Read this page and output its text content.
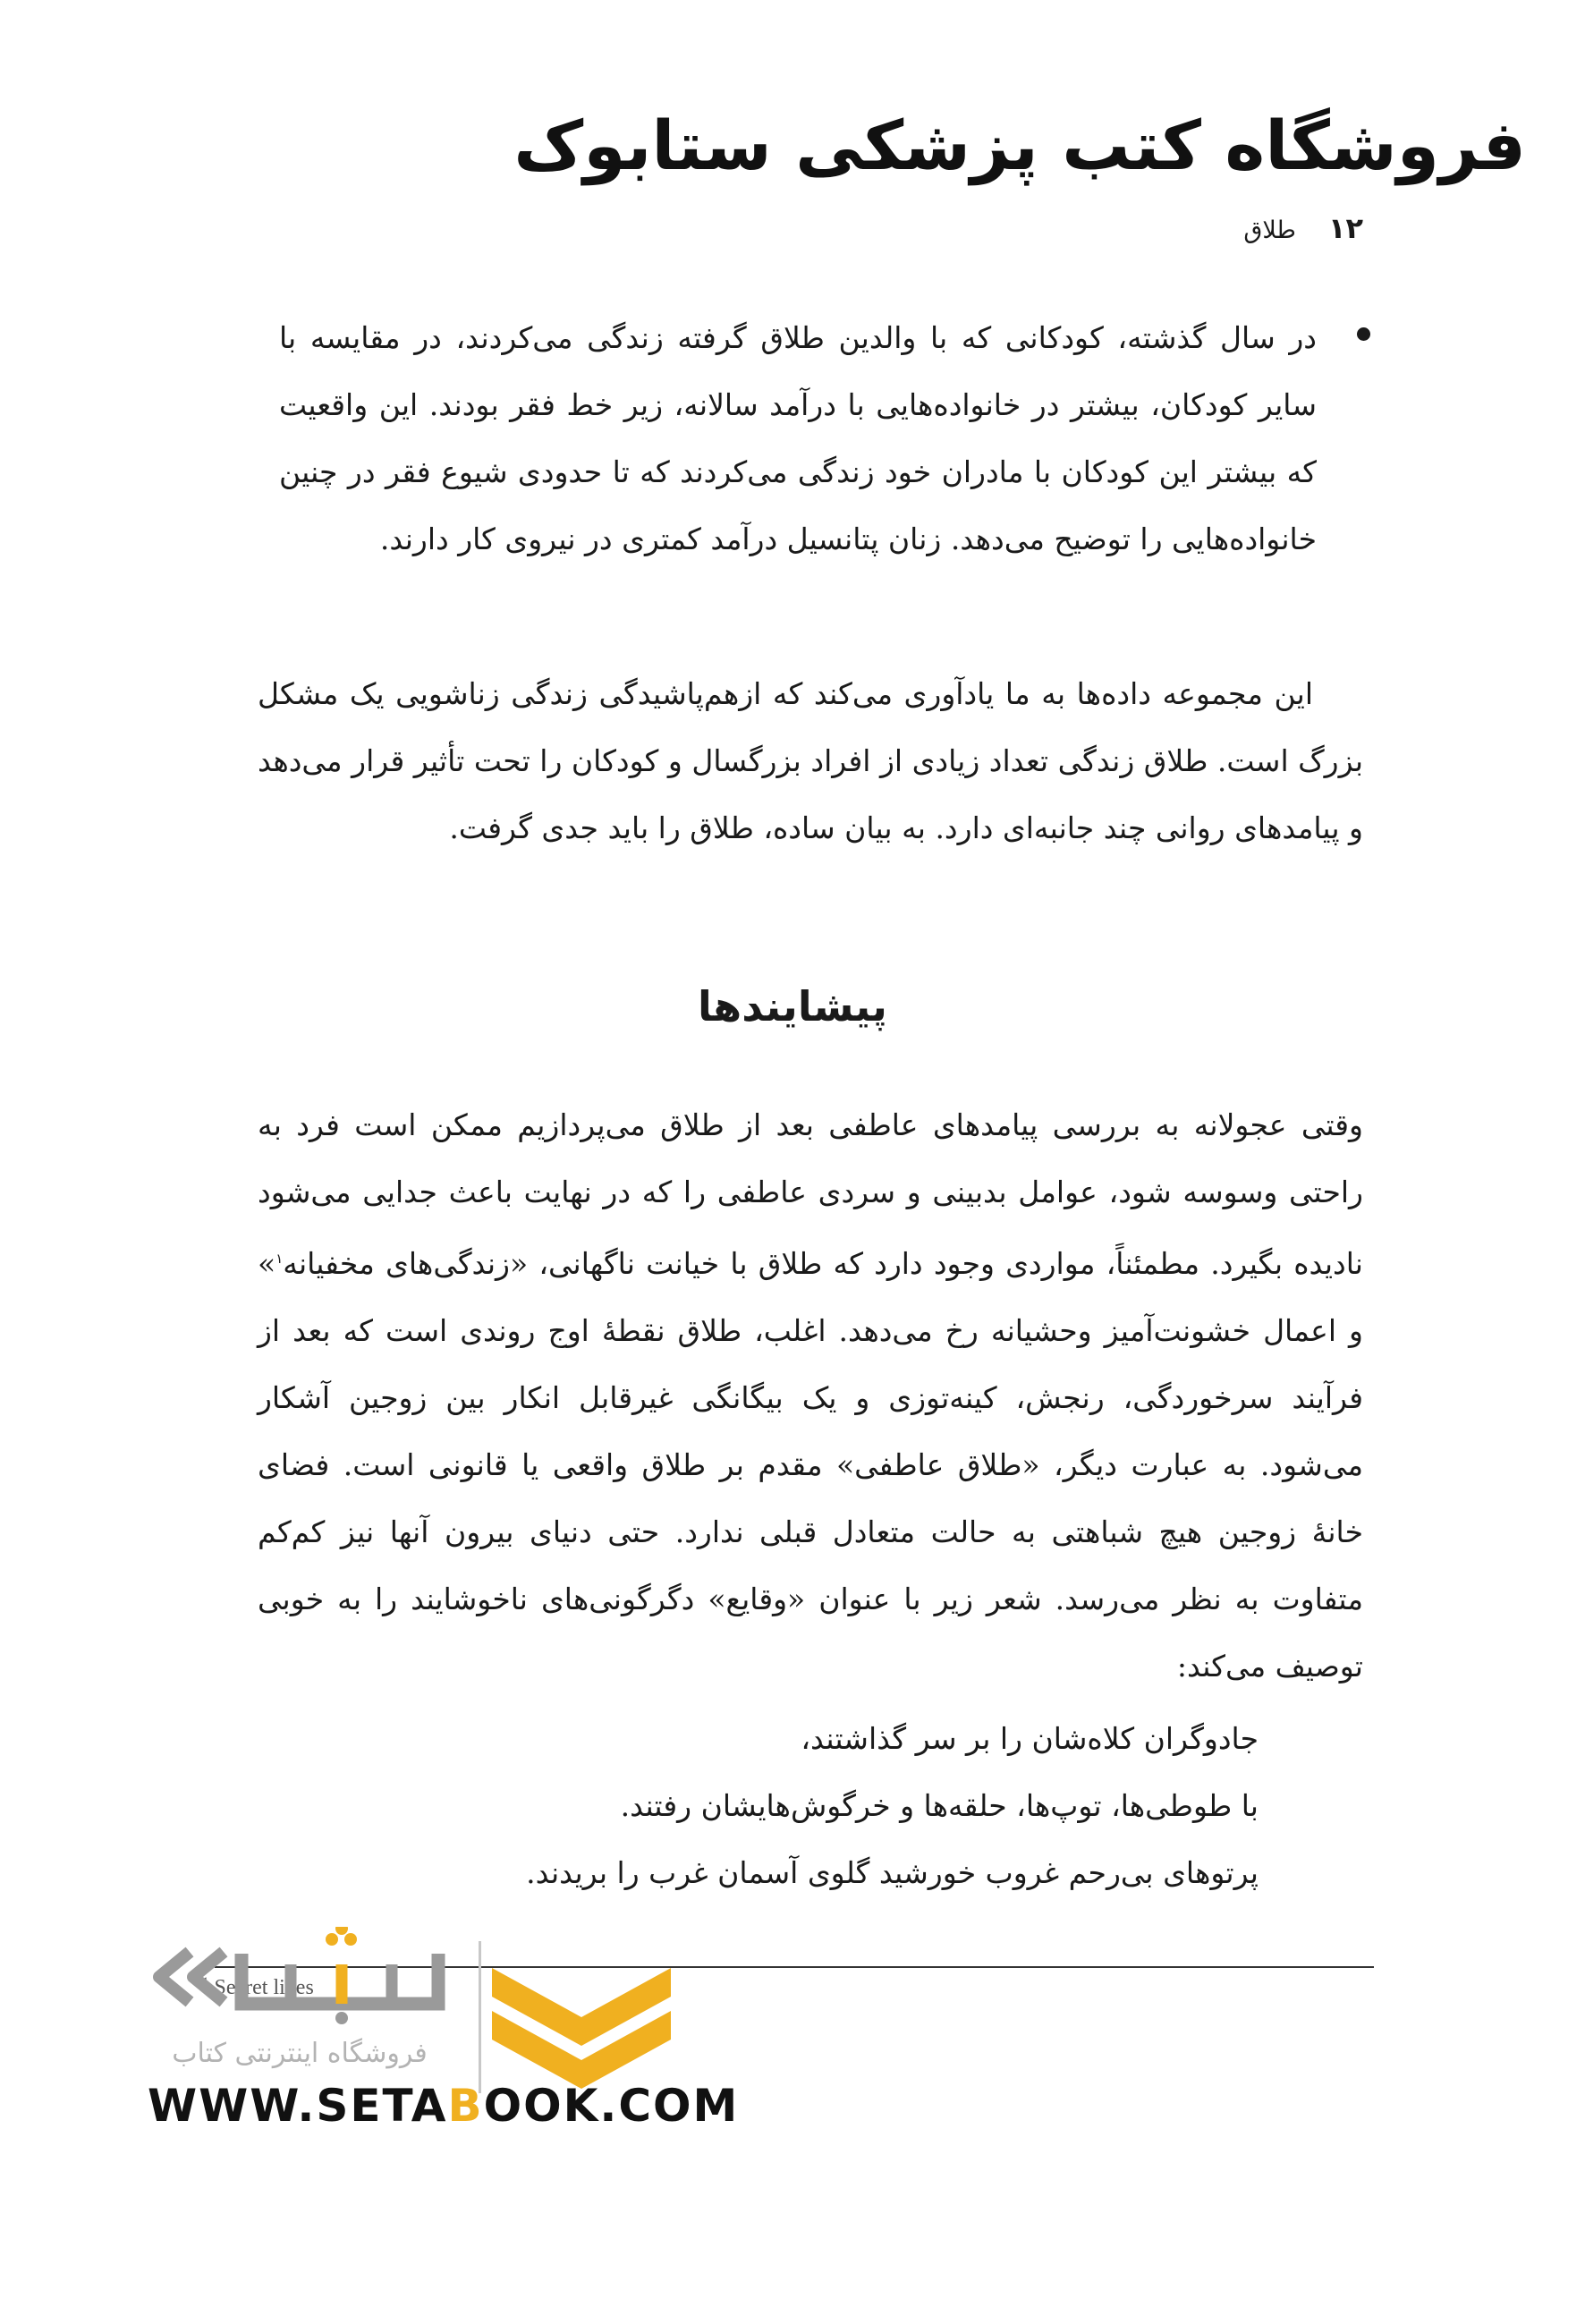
فروشگاه کتب پزشکی ستابوک
۱۲
طلاق
در سال گذشته، کودکانی که با والدین طلاق گرفته زندگی می‌کردند، در مقایسه با سایر کودکان، بیشتر در خانواده‌هایی با درآمد سالانه، زیر خط فقر بودند. این واقعیت که بیشتر این کودکان با مادران خود زندگی می‌کردند که تا حدودی شیوع فقر در چنین خانواده‌هایی را توضیح می‌دهد. زنان پتانسیل درآمد کمتری در نیروی کار دارند.
این مجموعه داده‌ها به ما یادآوری می‌کند که ازهم‌پاشیدگی زندگی زناشویی یک مشکل بزرگ است. طلاق زندگی تعداد زیادی از افراد بزرگسال و کودکان را تحت تأثیر قرار می‌دهد و پیامدهای روانی چند جانبه‌ای دارد. به بیان ساده، طلاق را باید جدی گرفت.
پیشایندها
وقتی عجولانه به بررسی پیامدهای عاطفی بعد از طلاق می‌پردازیم ممکن است فرد به راحتی وسوسه شود، عوامل بدبینی و سردی عاطفی را که در نهایت باعث جدایی می‌شود نادیده بگیرد. مطمئناً، مواردی وجود دارد که طلاق با خیانت ناگهانی، «زندگی‌های مخفیانه$^۱$» و اعمال خشونت‌آمیز وحشیانه رخ می‌دهد. اغلب، طلاق نقطهٔ اوج روندی است که بعد از فرآیند سرخوردگی، رنجش، کینه‌توزی و یک بیگانگی غیرقابل انکار بین زوجین آشکار می‌شود. به عبارت دیگر، «طلاق عاطفی» مقدم بر طلاق واقعی یا قانونی است. فضای خانهٔ زوجین هیچ شباهتی به حالت متعادل قبلی ندارد. حتی دنیای بیرون آنها نیز کم‌کم متفاوت به نظر می‌رسد. شعر زیر با عنوان «وقایع» دگرگونی‌های ناخوشایند را به خوبی توصیف می‌کند:
جادوگران کلاه‌شان را بر سر گذاشتند،
با طوطی‌ها، توپ‌ها، حلقه‌ها و خرگوش‌هایشان رفتند.
پرتوهای بی‌رحم غروب خورشید گلوی آسمان غرب را بریدند.
$^1$ Secret lives
فروشگاه اینترنتی کتاب
WWW.SETABOOK.COM
